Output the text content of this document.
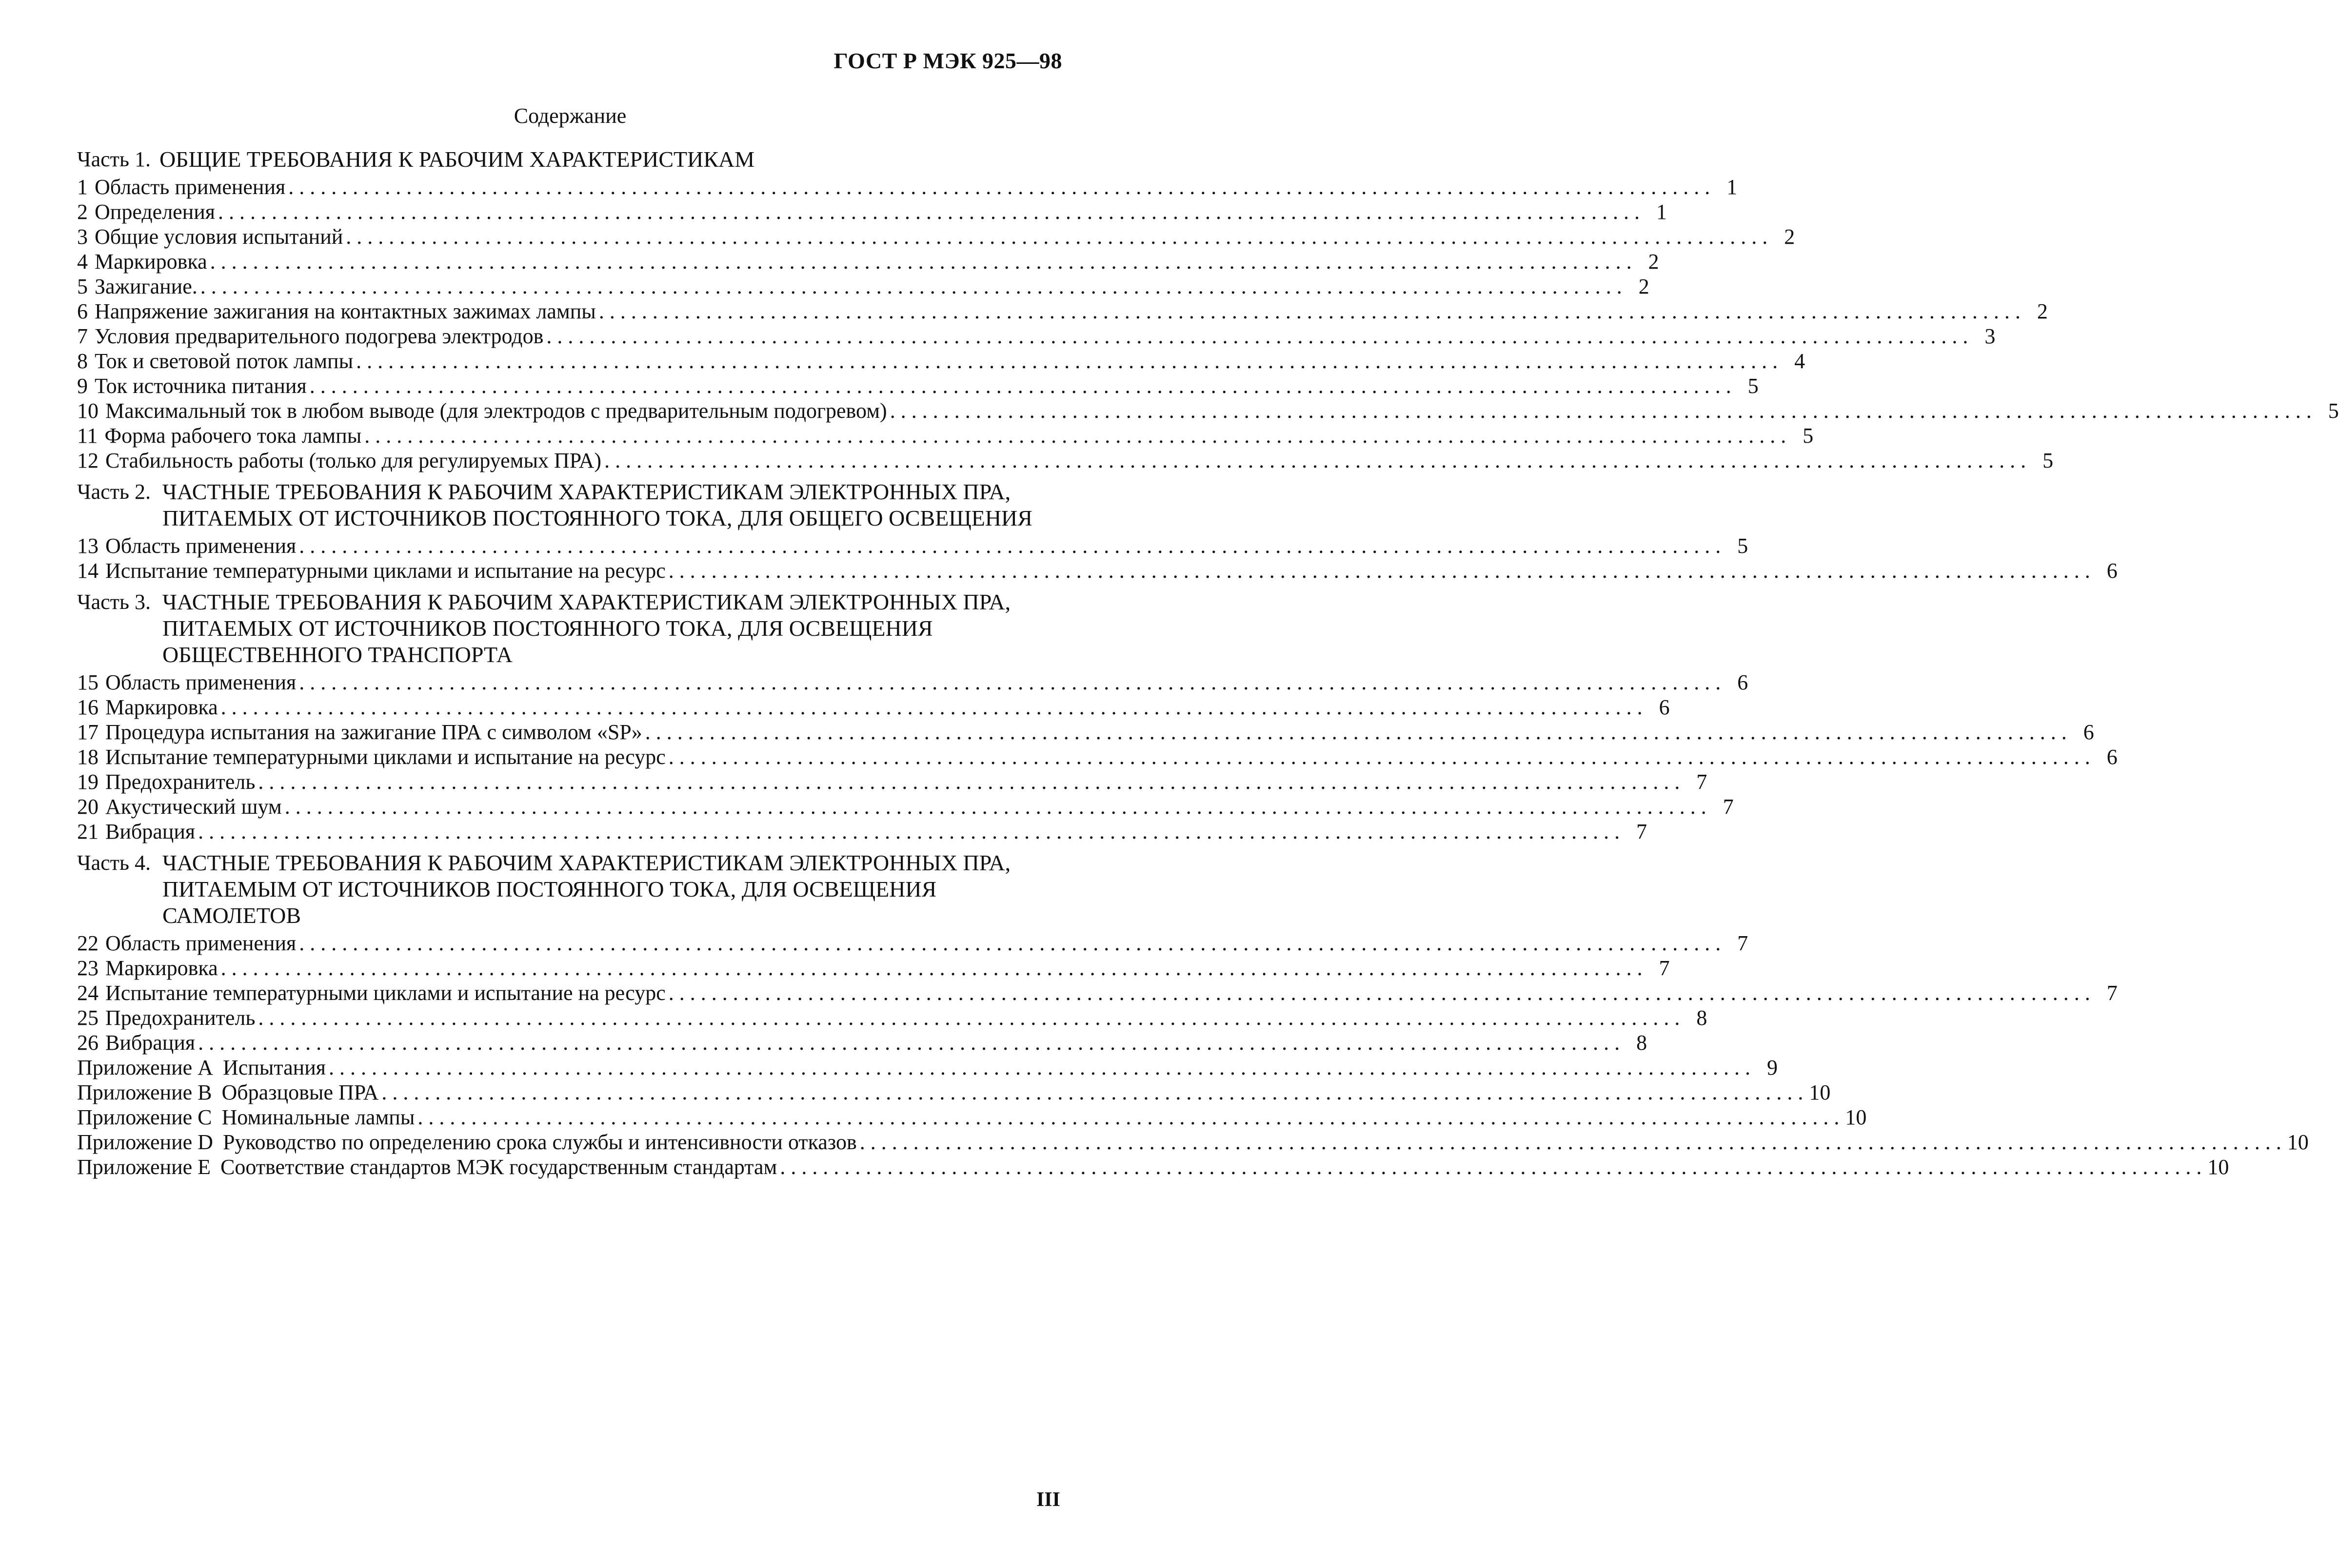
ГОСТ Р МЭК 925—98
Содержание
Часть 1. ОБЩИЕ ТРЕБОВАНИЯ К РАБОЧИМ ХАРАКТЕРИСТИКАМ
1 Область применения . . .	1
2 Определения . . .	1
3 Общие условия испытаний . . .	2
4 Маркировка . . .	2
5 Зажигание. . . .	2
6 Напряжение зажигания на контактных зажимах лампы . . .	2
7 Условия предварительного подогрева электродов . . .	3
8 Ток и световой поток лампы . . .	4
9 Ток источника питания . . .	5
10 Максимальный ток в любом выводе (для электродов с предварительным подогревом) . . .	5
11 Форма рабочего тока лампы . . .	5
12 Стабильность работы (только для регулируемых ПРА) . . .	5
Часть 2. ЧАСТНЫЕ ТРЕБОВАНИЯ К РАБОЧИМ ХАРАКТЕРИСТИКАМ ЭЛЕКТРОННЫХ ПРА, ПИТАЕМЫХ ОТ ИСТОЧНИКОВ ПОСТОЯННОГО ТОКА, ДЛЯ ОБЩЕГО ОСВЕЩЕНИЯ
13 Область применения . . .	5
14 Испытание температурными циклами и испытание на ресурс . . .	6
Часть 3. ЧАСТНЫЕ ТРЕБОВАНИЯ К РАБОЧИМ ХАРАКТЕРИСТИКАМ ЭЛЕКТРОННЫХ ПРА, ПИТАЕМЫХ ОТ ИСТОЧНИКОВ ПОСТОЯННОГО ТОКА, ДЛЯ ОСВЕЩЕНИЯ ОБЩЕСТВЕННОГО ТРАНСПОРТА
15 Область применения . . .	6
16 Маркировка . . .	6
17 Процедура испытания на зажигание ПРА с символом «SP» . . .	6
18 Испытание температурными циклами и испытание на ресурс . . .	6
19 Предохранитель . . .	7
20 Акустический шум . . .	7
21 Вибрация . . .	7
Часть 4. ЧАСТНЫЕ ТРЕБОВАНИЯ К РАБОЧИМ ХАРАКТЕРИСТИКАМ ЭЛЕКТРОННЫХ ПРА, ПИТАЕМЫМ ОТ ИСТОЧНИКОВ ПОСТОЯННОГО ТОКА, ДЛЯ ОСВЕЩЕНИЯ САМОЛЕТОВ
22 Область применения . . .	7
23 Маркировка . . .	7
24 Испытание температурными циклами и испытание на ресурс . . .	7
25 Предохранитель . . .	8
26 Вибрация . . .	8
Приложение А Испытания . . .	9
Приложение В Образцовые ПРА . . .	10
Приложение С Номинальные лампы . . .	10
Приложение D Руководство по определению срока службы и интенсивности отказов . . .	10
Приложение Е Соответствие стандартов МЭК государственным стандартам . . .	10
III
